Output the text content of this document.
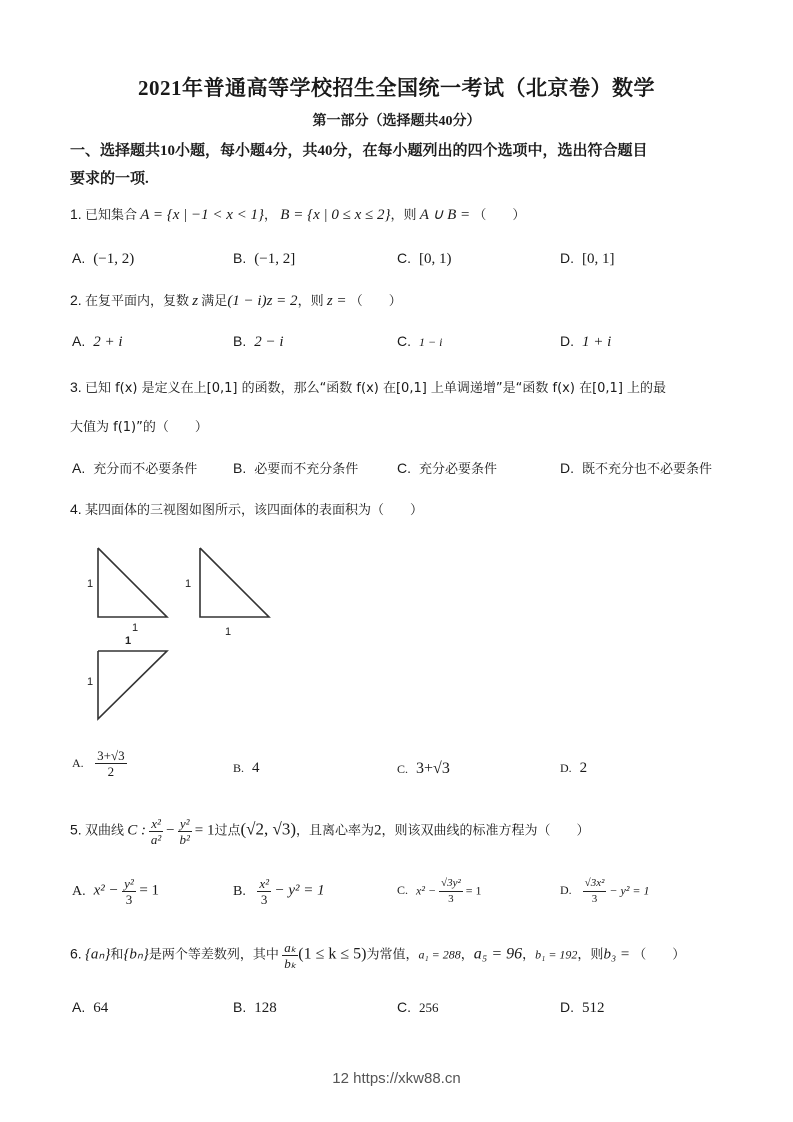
2021年普通高等学校招生全国统一考试（北京卷）数学
第一部分（选择题共40分）
一、选择题共10小题，每小题4分，共40分，在每小题列出的四个选项中，选出符合题目
要求的一项.
1. 已知集合 A = {x | −1 < x < 1}， B = {x | 0 ≤ x ≤ 2}，则 A ∪ B = （　　）
A. (−1, 2)	B. (−1, 2]	C. [0, 1)	D. [0, 1]
2. 在复平面内，复数 z 满足(1 − i)z = 2，则 z = （　　）
A. 2 + i	B. 2 − i	C. 1 − i	D. 1 + i
3. 已知 f(x) 是定义在上[0,1] 的函数，那么“函数 f(x) 在[0,1] 上单调递增”是“函数 f(x) 在[0,1] 上的最
大值为 f(1)”的（　　）
A. 充分而不必要条件	B. 必要而不充分条件	C. 充分必要条件	D. 既不充分也不必要条件
4. 某四面体的三视图如图所示，该四面体的表面积为（　　）
1
1
1
1
1
1
A. $\frac{3+√3}{2}$	B. 4	C. 3+√3	D. 2
5. 双曲线 C : $\frac{\text{x²}}{\text{a²}} - \frac{\text{y²}}{\text{b²}} = 1$过点(√2, √3)，且离心率为2，则该双曲线的标准方程为（　　）
A. $x^2 - \frac{\text{y²}}{3} = 1$	B. $\frac{\text{x²}}{3} - y^2 = 1$	C. $x^2 - \frac{\text{√3y²}}{3} = 1$	D. $\frac{\text{√3x²}}{3} - y^2 = 1$
6. {aₙ}和{bₙ}是两个等差数列，其中 $\frac{\text{aₖ}}{\text{bₖ}} (1 \le k \le 5)$为常值，a₁ = 288，a₅ = 96，b₁ = 192，则b₃ = （　　）
A. 64	B. 128	C. 256	D. 512
12 https://xkw88.cn
